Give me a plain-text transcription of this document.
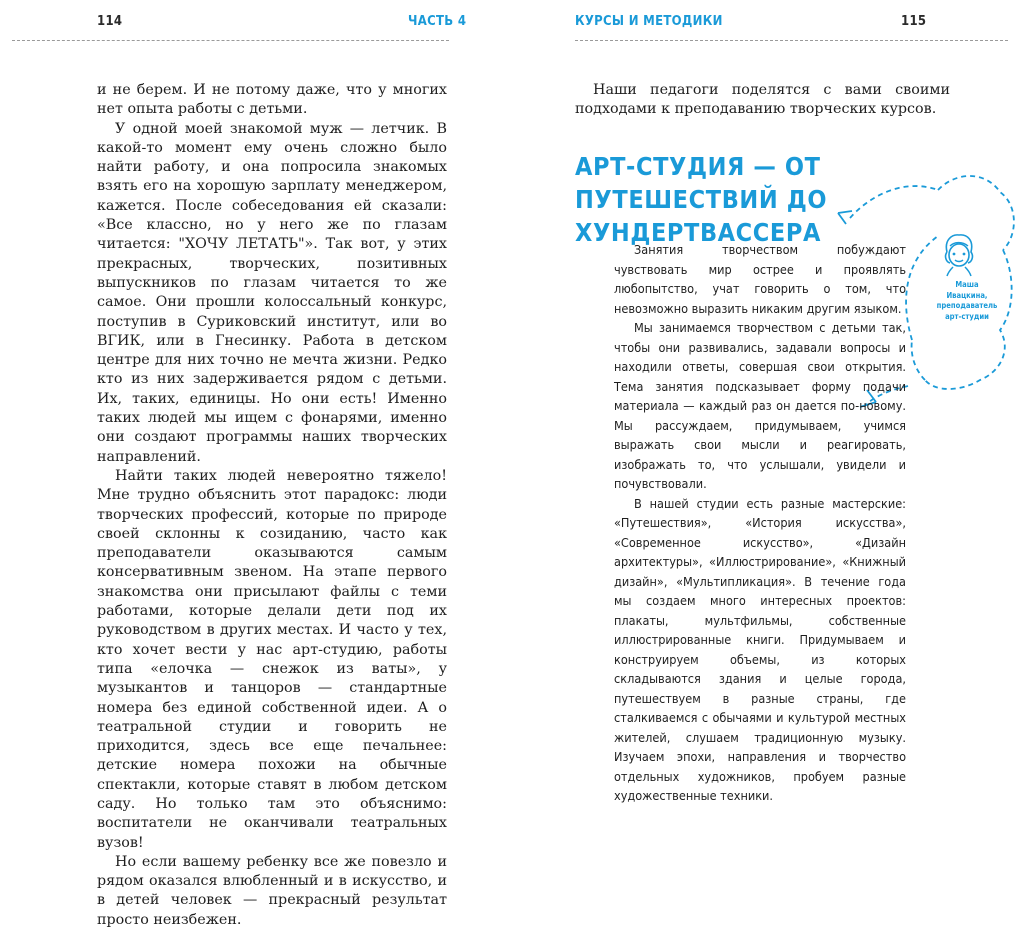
114	ЧАСТЬ 4

и не берем. И не потому даже, что у многих нет опыта работы с детьми.

У одной моей знакомой муж — летчик. В какой-то момент ему очень сложно было найти работу, и она попросила знакомых взять его на хорошую зарплату менеджером, кажется. После собеседования ей сказали: «Все классно, но у него же по глазам читается: "ХОЧУ ЛЕТАТЬ"». Так вот, у этих прекрасных, творческих, позитивных выпускников по глазам читается то же самое. Они прошли колоссальный конкурс, поступив в Суриковский институт, или во ВГИК, или в Гнесинку. Работа в детском центре для них точно не мечта жизни. Редко кто из них задерживается рядом с детьми. Их, таких, единицы. Но они есть! Именно таких людей мы ищем с фонарями, именно они создают программы наших творческих направлений.

Найти таких людей невероятно тяжело! Мне трудно объяснить этот парадокс: люди творческих профессий, которые по природе своей склонны к созиданию, часто как преподаватели оказываются самым консервативным звеном. На этапе первого знакомства они присылают файлы с теми работами, которые делали дети под их руководством в других местах. И часто у тех, кто хочет вести у нас арт-студию, работы типа «елочка — снежок из ваты», у музыкантов и танцоров — стандартные номера без единой собственной идеи. А о театральной студии и говорить не приходится, здесь все еще печальнее: детские номера похожи на обычные спектакли, которые ставят в любом детском саду. Но только там это объяснимо: воспитатели не оканчивали театральных вузов!

Но если вашему ребенку все же повезло и рядом оказался влюбленный и в искусство, и в детей человек — прекрасный результат просто неизбежен.

КУРСЫ И МЕТОДИКИ	115

Наши педагоги поделятся с вами своими подходами к преподаванию творческих курсов.

АРТ-СТУДИЯ — ОТ ПУТЕШЕСТВИЙ ДО ХУНДЕРТВАССЕРА
Маша
Ивацкина,
преподаватель
арт-студии

Занятия творчеством побуждают чувствовать мир острее и проявлять любопытство, учат говорить о том, что невозможно выразить никаким другим языком.

Мы занимаемся творчеством с детьми так, чтобы они развивались, задавали вопросы и находили ответы, совершая свои открытия. Тема занятия подсказывает форму подачи материала — каждый раз он дается по-новому. Мы рассуждаем, придумываем, учимся выражать свои мысли и реагировать, изображать то, что услышали, увидели и почувствовали.

В нашей студии есть разные мастерские: «Путешествия», «История искусства», «Современное искусство», «Дизайн архитектуры», «Иллюстрирование», «Книжный дизайн», «Мультипликация». В течение года мы создаем много интересных проектов: плакаты, мультфильмы, собственные иллюстрированные книги. Придумываем и конструируем объемы, из которых складываются здания и целые города, путешествуем в разные страны, где сталкиваемся с обычаями и культурой местных жителей, слушаем традиционную музыку. Изучаем эпохи, направления и творчество отдельных художников, пробуем разные художественные техники.
